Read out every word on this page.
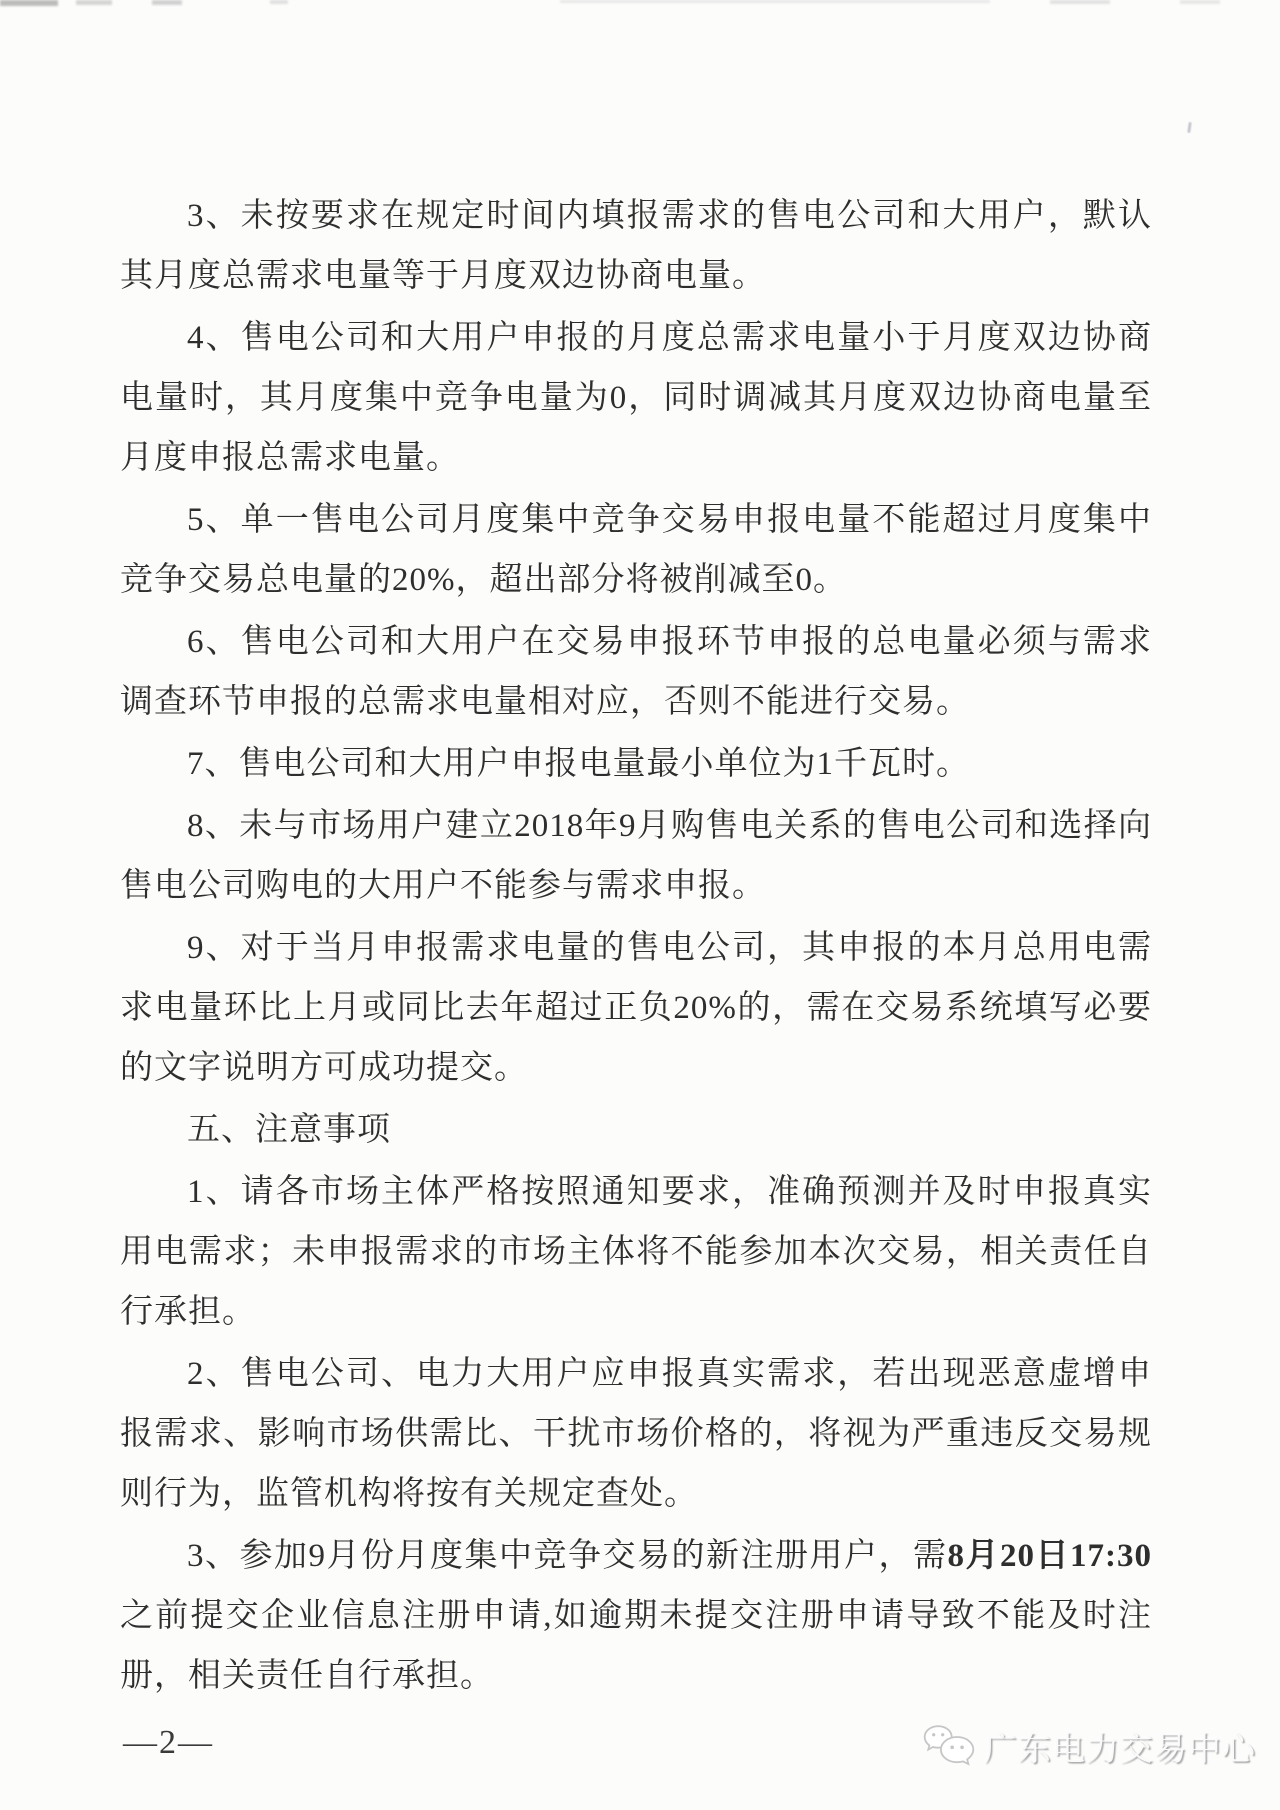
3、未按要求在规定时间内填报需求的售电公司和大用户，默认其月度总需求电量等于月度双边协商电量。

4、售电公司和大用户申报的月度总需求电量小于月度双边协商电量时，其月度集中竞争电量为0，同时调减其月度双边协商电量至月度申报总需求电量。

5、单一售电公司月度集中竞争交易申报电量不能超过月度集中竞争交易总电量的20%，超出部分将被削减至0。

6、售电公司和大用户在交易申报环节申报的总电量必须与需求调查环节申报的总需求电量相对应，否则不能进行交易。

7、售电公司和大用户申报电量最小单位为1千瓦时。

8、未与市场用户建立2018年9月购售电关系的售电公司和选择向售电公司购电的大用户不能参与需求申报。

9、对于当月申报需求电量的售电公司，其申报的本月总用电需求电量环比上月或同比去年超过正负20%的，需在交易系统填写必要的文字说明方可成功提交。

五、注意事项

1、请各市场主体严格按照通知要求，准确预测并及时申报真实用电需求；未申报需求的市场主体将不能参加本次交易，相关责任自行承担。

2、售电公司、电力大用户应申报真实需求，若出现恶意虚增申报需求、影响市场供需比、干扰市场价格的，将视为严重违反交易规则行为，监管机构将按有关规定查处。

3、参加9月份月度集中竞争交易的新注册用户，需8月20日17:30之前提交企业信息注册申请,如逾期未提交注册申请导致不能及时注册，相关责任自行承担。

—2—	广东电力交易中心
